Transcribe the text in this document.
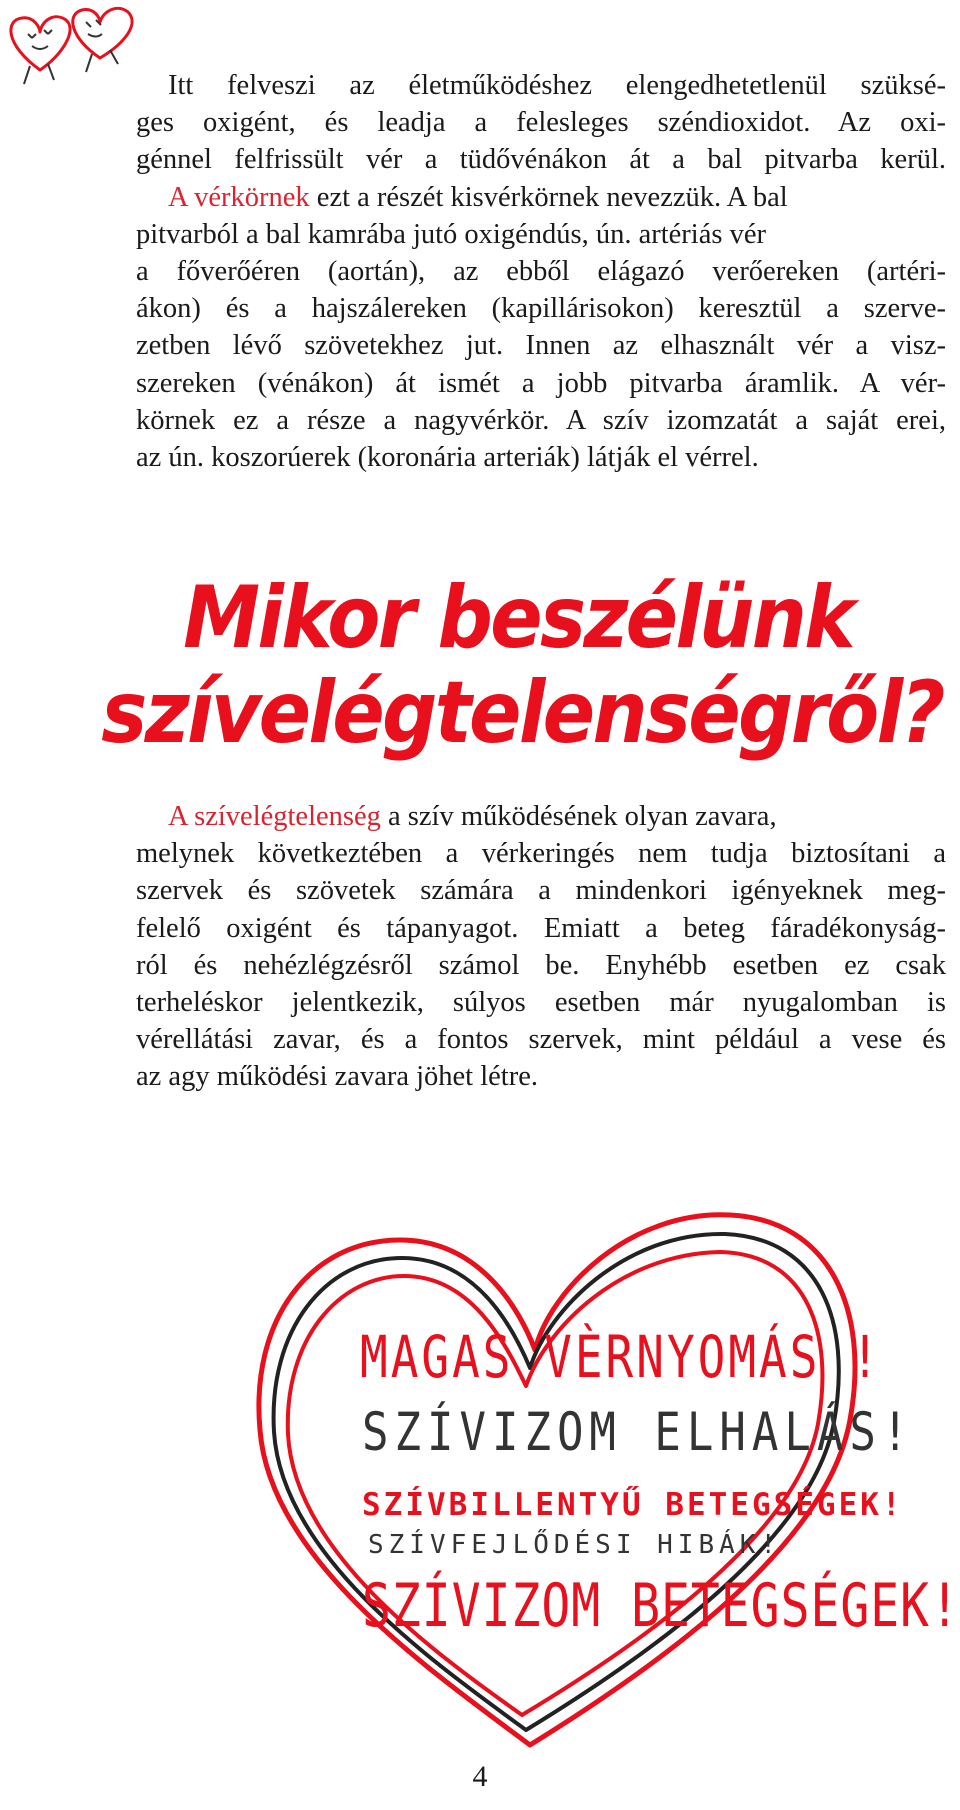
Itt felveszi az életműködéshez elengedhetetlenül szüksé-
ges oxigént, és leadja a felesleges széndioxidot. Az oxi-
génnel felfrissült vér a tüdővénákon át a bal pitvarba kerül.
A vérkörnek ezt a részét kisvérkörnek nevezzük. A bal
pitvarból a bal kamrába jutó oxigéndús, ún. artériás vér
a főverőéren (aortán), az ebből elágazó verőereken (artéri-
ákon) és a hajszálereken (kapillárisokon) keresztül a szerve-
zetben lévő szövetekhez jut. Innen az elhasznált vér a visz-
szereken (vénákon) át ismét a jobb pitvarba áramlik. A vér-
körnek ez a része a nagyvérkör. A szív izomzatát a saját erei,
az ún. koszorúerek (koronária arteriák) látják el vérrel.

Mikor beszélünk
szívelégtelenségről?

A szívelégtelenség a szív működésének olyan zavara,
melynek következtében a vérkeringés nem tudja biztosítani a
szervek és szövetek számára a mindenkori igényeknek meg-
felelő oxigént és tápanyagot. Emiatt a beteg fáradékonyság-
ról és nehézlégzésről számol be. Enyhébb esetben ez csak
terheléskor jelentkezik, súlyos esetben már nyugalomban is
vérellátási zavar, és a fontos szervek, mint például a vese és
az agy működési zavara jöhet létre.

MAGAS VÈRNYOMÁS !

SZÍVIZOM ELHALÁS!

SZÍVBILLENTYŰ BETEGSÉGEK!

SZÍVFEJLŐDÉSI HIBÁK!

SZÍVIZOM BETEGSÉGEK!

4
